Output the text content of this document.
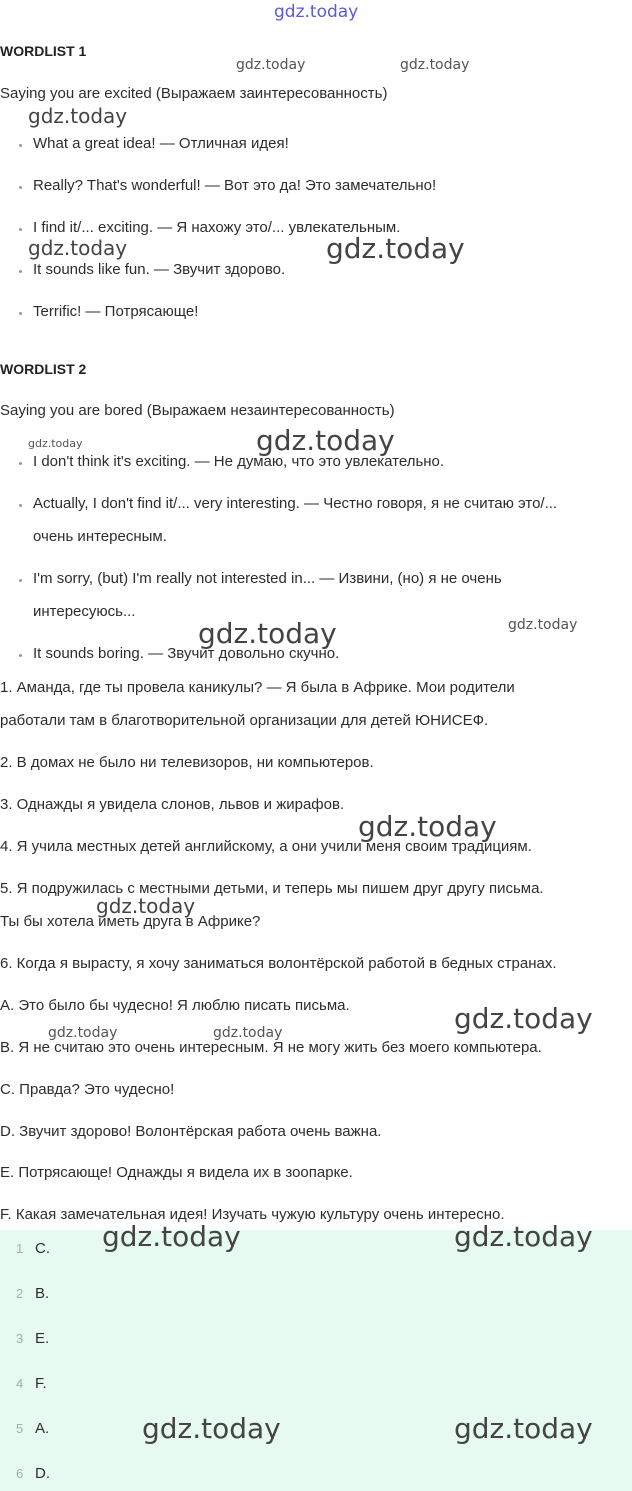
gdz.today
WORDLIST 1
gdz.today	gdz.today
Saying you are excited (Выражаем заинтересованность)
gdz.today
What a great idea! — Отличная идея!
Really? That's wonderful! — Вот это да! Это замечательно!
I find it/... exciting. — Я нахожу это/... увлекательным.
gdz.today	gdz.today
It sounds like fun. — Звучит здорово.
Terrific! — Потрясающе!
WORDLIST 2
Saying you are bored (Выражаем незаинтересованность)
gdz.today	gdz.today
I don't think it's exciting. — Не думаю, что это увлекательно.
Actually, I don't find it/... very interesting. — Честно говоря, я не считаю это/...
очень интересным.
I'm sorry, (but) I'm really not interested in... — Извини, (но) я не очень
интересуюсь...
gdz.today	gdz.today
It sounds boring. — Звучит довольно скучно.
gdz.today
1. Аманда, где ты провела каникулы? — Я была в Африке. Мои родители
работали там в благотворительной организации для детей ЮНИСЕФ.
2. В домах не было ни телевизоров, ни компьютеров.
3. Однажды я увидела слонов, львов и жирафов.
gdz.today
4. Я учила местных детей английскому, а они учили меня своим традициям.
5. Я подружилась с местными детьми, и теперь мы пишем друг другу письма.
Ты бы хотела иметь друга в Африке?
6. Когда я вырасту, я хочу заниматься волонтёрской работой в бедных странах.
A. Это было бы чудесно! Я люблю писать письма.	gdz.today
gdz.today	gdz.today
B. Я не считаю это очень интересным. Я не могу жить без моего компьютера.
C. Правда? Это чудесно!
D. Звучит здорово! Волонтёрская работа очень важна.
E. Потрясающе! Однажды я видела их в зоопарке.
F. Какая замечательная идея! Изучать чужую культуру очень интересно.
1 C.
2 B.
3 E.
4 F.
5 A.
6 D.
gdz.today	gdz.today
gdz.today	gdz.today
